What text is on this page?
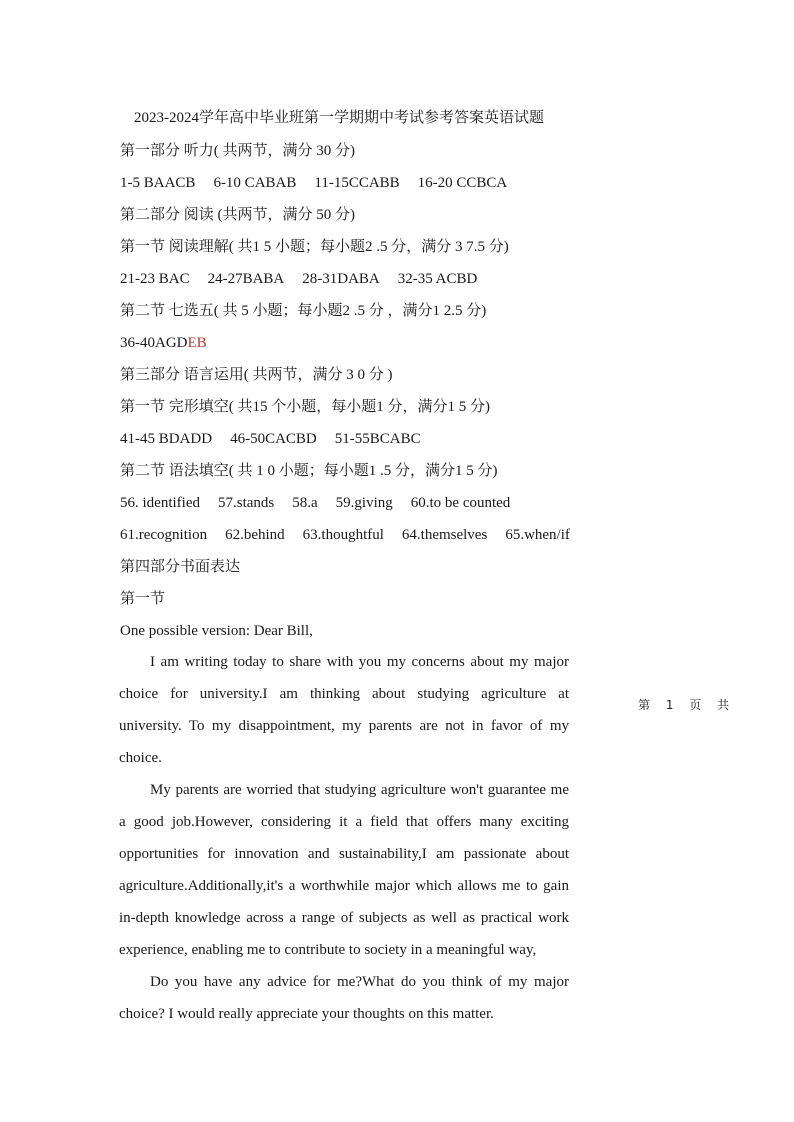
2023-2024学年高中毕业班第一学期期中考试参考答案英语试题
第一部分 听力( 共两节，满分 30 分)
1-5 BAACB 6-10 CABAB 11-15CCABB 16-20 CCBCA
第二部分 阅读 (共两节，满分 50 分)
第一节 阅读理解( 共1 5 小题；每小题2 .5 分，满分 3 7.5 分)
21-23 BAC 24-27BABA 28-31DABA 32-35 ACBD
第二节 七选五( 共 5 小题；每小题2 .5 分 ，满分1 2.5 分)
36-40AGDEB
第三部分 语言运用( 共两节，满分 3 0 分 )
第一节 完形填空( 共15 个小题，每小题1 分，满分1 5 分)
41-45 BDADD 46-50CACBD 51-55BCABC
第二节 语法填空( 共 1 0 小题；每小题1 .5 分，满分1 5 分)
56. identified 57.stands 58.a 59.giving 60.to be counted
61.recognition 62.behind 63.thoughtful 64.themselves 65.when/if
第四部分书面表达
第一节
One possible version: Dear Bill,

I am writing today to share with you my concerns about my major choice for university.I am thinking about studying agriculture at university. To my disappointment, my parents are not in favor of my choice.

My parents are worried that studying agriculture won't guarantee me a good job.However, considering it a field that offers many exciting opportunities for innovation and sustainability,I am passionate about agriculture.Additionally,it's a worthwhile major which allows me to gain in-depth knowledge across a range of subjects as well as practical work experience, enabling me to contribute to society in a meaningful way,

Do you have any advice for me?What do you think of my major choice? I would really appreciate your thoughts on this matter.

第 1 页 共
